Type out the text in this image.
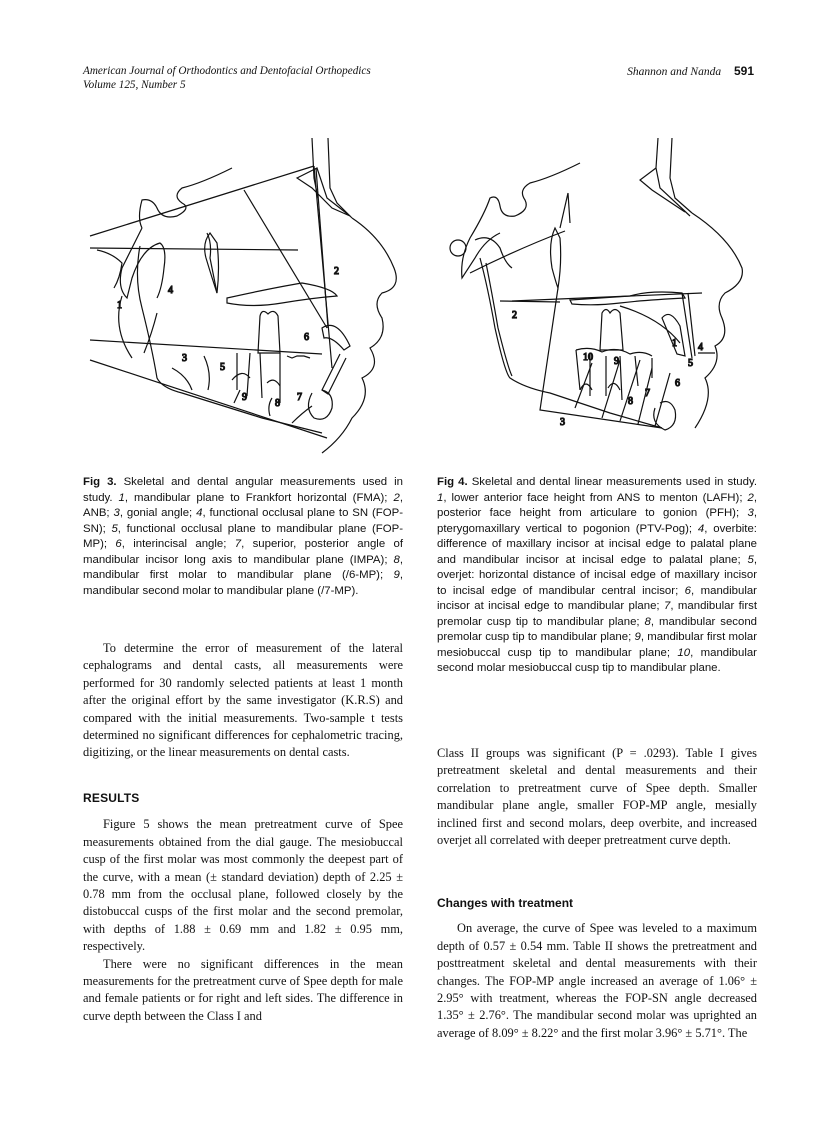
American Journal of Orthodontics and Dentofacial Orthopedics
Volume 125, Number 5
Shannon and Nanda 591
1
2
3
4
5
6
7
8
9
1
2
3
4
5
6
7
8
9
10
Fig 3. Skeletal and dental angular measurements used in study. 1, mandibular plane to Frankfort horizontal (FMA); 2, ANB; 3, gonial angle; 4, functional occlusal plane to SN (FOP-SN); 5, functional occlusal plane to mandibular plane (FOP-MP); 6, interincisal angle; 7, superior, posterior angle of mandibular incisor long axis to mandibular plane (IMPA); 8, mandibular first molar to mandibular plane (/6-MP); 9, mandibular second molar to mandibular plane (/7-MP).
Fig 4. Skeletal and dental linear measurements used in study. 1, lower anterior face height from ANS to menton (LAFH); 2, posterior face height from articulare to gonion (PFH); 3, pterygomaxillary vertical to pogonion (PTV-Pog); 4, overbite: difference of maxillary incisor at incisal edge to palatal plane and mandibular incisor at incisal edge to palatal plane; 5, overjet: horizontal distance of incisal edge of maxillary incisor to incisal edge of mandibular central incisor; 6, mandibular incisor at incisal edge to mandibular plane; 7, mandibular first premolar cusp tip to mandibular plane; 8, mandibular second premolar cusp tip to mandibular plane; 9, mandibular first molar mesiobuccal cusp tip to mandibular plane; 10, mandibular second molar mesiobuccal cusp tip to mandibular plane.

To determine the error of measurement of the lateral cephalograms and dental casts, all measurements were performed for 30 randomly selected patients at least 1 month after the original effort by the same investigator (K.R.S) and compared with the initial measurements. Two-sample t tests determined no significant differences for cephalometric tracing, digitizing, or the linear measurements on dental casts.

RESULTS

Figure 5 shows the mean pretreatment curve of Spee measurements obtained from the dial gauge. The mesiobuccal cusp of the first molar was most commonly the deepest part of the curve, with a mean (± standard deviation) depth of 2.25 ± 0.78 mm from the occlusal plane, followed closely by the distobuccal cusps of the first molar and the second premolar, with depths of 1.88 ± 0.69 mm and 1.82 ± 0.95 mm, respectively.

There were no significant differences in the mean measurements for the pretreatment curve of Spee depth for male and female patients or for right and left sides. The difference in curve depth between the Class I and

Class II groups was significant (P = .0293). Table I gives pretreatment skeletal and dental measurements and their correlation to pretreatment curve of Spee depth. Smaller mandibular plane angle, smaller FOP-MP angle, mesially inclined first and second molars, deep overbite, and increased overjet all correlated with deeper pretreatment curve depth.

Changes with treatment

On average, the curve of Spee was leveled to a maximum depth of 0.57 ± 0.54 mm. Table II shows the pretreatment and posttreatment skeletal and dental measurements with their changes. The FOP-MP angle increased an average of 1.06° ± 2.95° with treatment, whereas the FOP-SN angle decreased 1.35° ± 2.76°. The mandibular second molar was uprighted an average of 8.09° ± 8.22° and the first molar 3.96° ± 5.71°. The
